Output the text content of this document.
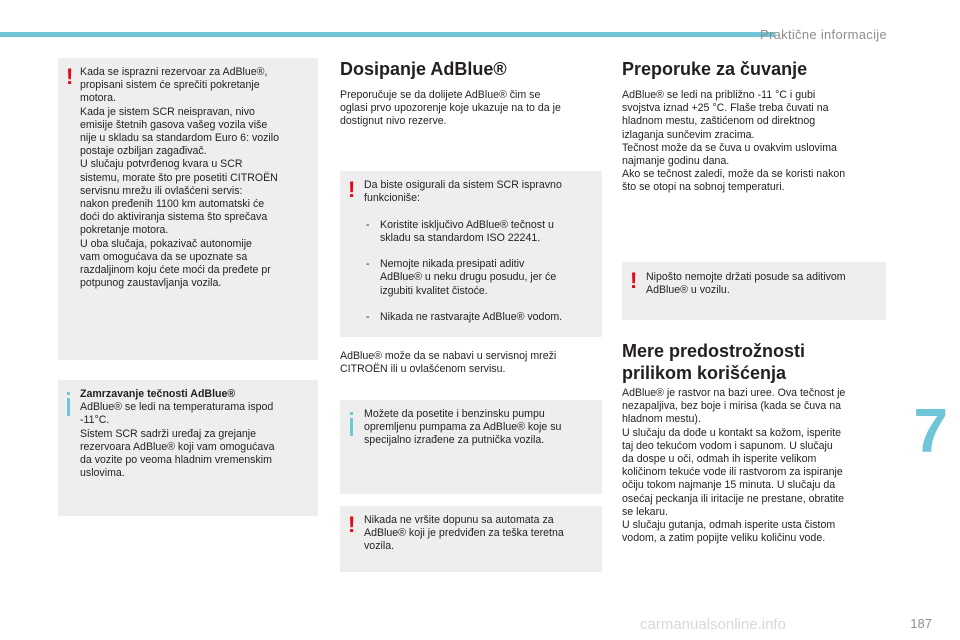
Praktične informacije
! Kada se isprazni rezervoar za AdBlue®,
propisani sistem će sprečiti pokretanje
motora.
Kada je sistem SCR neispravan, nivo
emisije štetnih gasova vašeg vozila više
nije u skladu sa standardom Euro 6: vozilo
postaje ozbiljan zagađivač.
U slučaju potvrđenog kvara u SCR
sistemu, morate što pre posetiti CITROËN
servisnu mrežu ili ovlašćeni servis:
nakon pređenih 1100 km automatski će
doći do aktiviranja sistema što sprečava
pokretanje motora.
U oba slučaja, pokazivač autonomije
vam omogućava da se upoznate sa
razdaljinom koju ćete moći da pređete pr
potpunog zaustavljanja vozila.
Zamrzavanje tečnosti AdBlue®
AdBlue® se ledi na temperaturama ispod
-11°C.
Sistem SCR sadrži uređaj za grejanje
rezervoara AdBlue® koji vam omogućava
da vozite po veoma hladnim vremenskim
uslovima.
Dosipanje AdBlue®
Preporučuje se da dolijete AdBlue® čim se
oglasi prvo upozorenje koje ukazuje na to da je
dostignut nivo rezerve.
! Da biste osigurali da sistem SCR ispravno
funkcioniše:

- Koristite isključivo AdBlue® tečnost u
skladu sa standardom ISO 22241.

- Nemojte nikada presipati aditiv
AdBlue® u neku drugu posudu, jer će
izgubiti kvalitet čistoće.

- Nikada ne rastvarajte AdBlue® vodom.

AdBlue® može da se nabavi u servisnoj mreži
CITROËN ili u ovlašćenom servisu.
Možete da posetite i benzinsku pumpu
opremljenu pumpama za AdBlue® koje su
specijalno izrađene za putnička vozila.
! Nikada ne vršite dopunu sa automata za
AdBlue® koji je predviđen za teška teretna
vozila.
Preporuke za čuvanje
AdBlue® se ledi na približno -11 °C i gubi
svojstva iznad +25 °C. Flaše treba čuvati na
hladnom mestu, zaštićenom od direktnog
izlaganja sunčevim zracima.
Tečnost može da se čuva u ovakvim uslovima
najmanje godinu dana.
Ako se tečnost zaledi, može da se koristi nakon
što se otopi na sobnoj temperaturi.
! Nipošto nemojte držati posude sa aditivom
AdBlue® u vozilu.
Mere predostrožnosti
prilikom korišćenja
AdBlue® je rastvor na bazi uree. Ova tečnost je
nezapaljiva, bez boje i mirisa (kada se čuva na
hladnom mestu).
U slučaju da dođe u kontakt sa kožom, isperite
taj deo tekućom vodom i sapunom. U slučaju
da dospe u oči, odmah ih isperite velikom
količinom tekuće vode ili rastvorom za ispiranje
očiju tokom najmanje 15 minuta. U slučaju da
osećaj peckanja ili iritacije ne prestane, obratite
se lekaru.
U slučaju gutanja, odmah isperite usta čistom
vodom, a zatim popijte veliku količinu vode.
7
carmanualsonline.info	187
